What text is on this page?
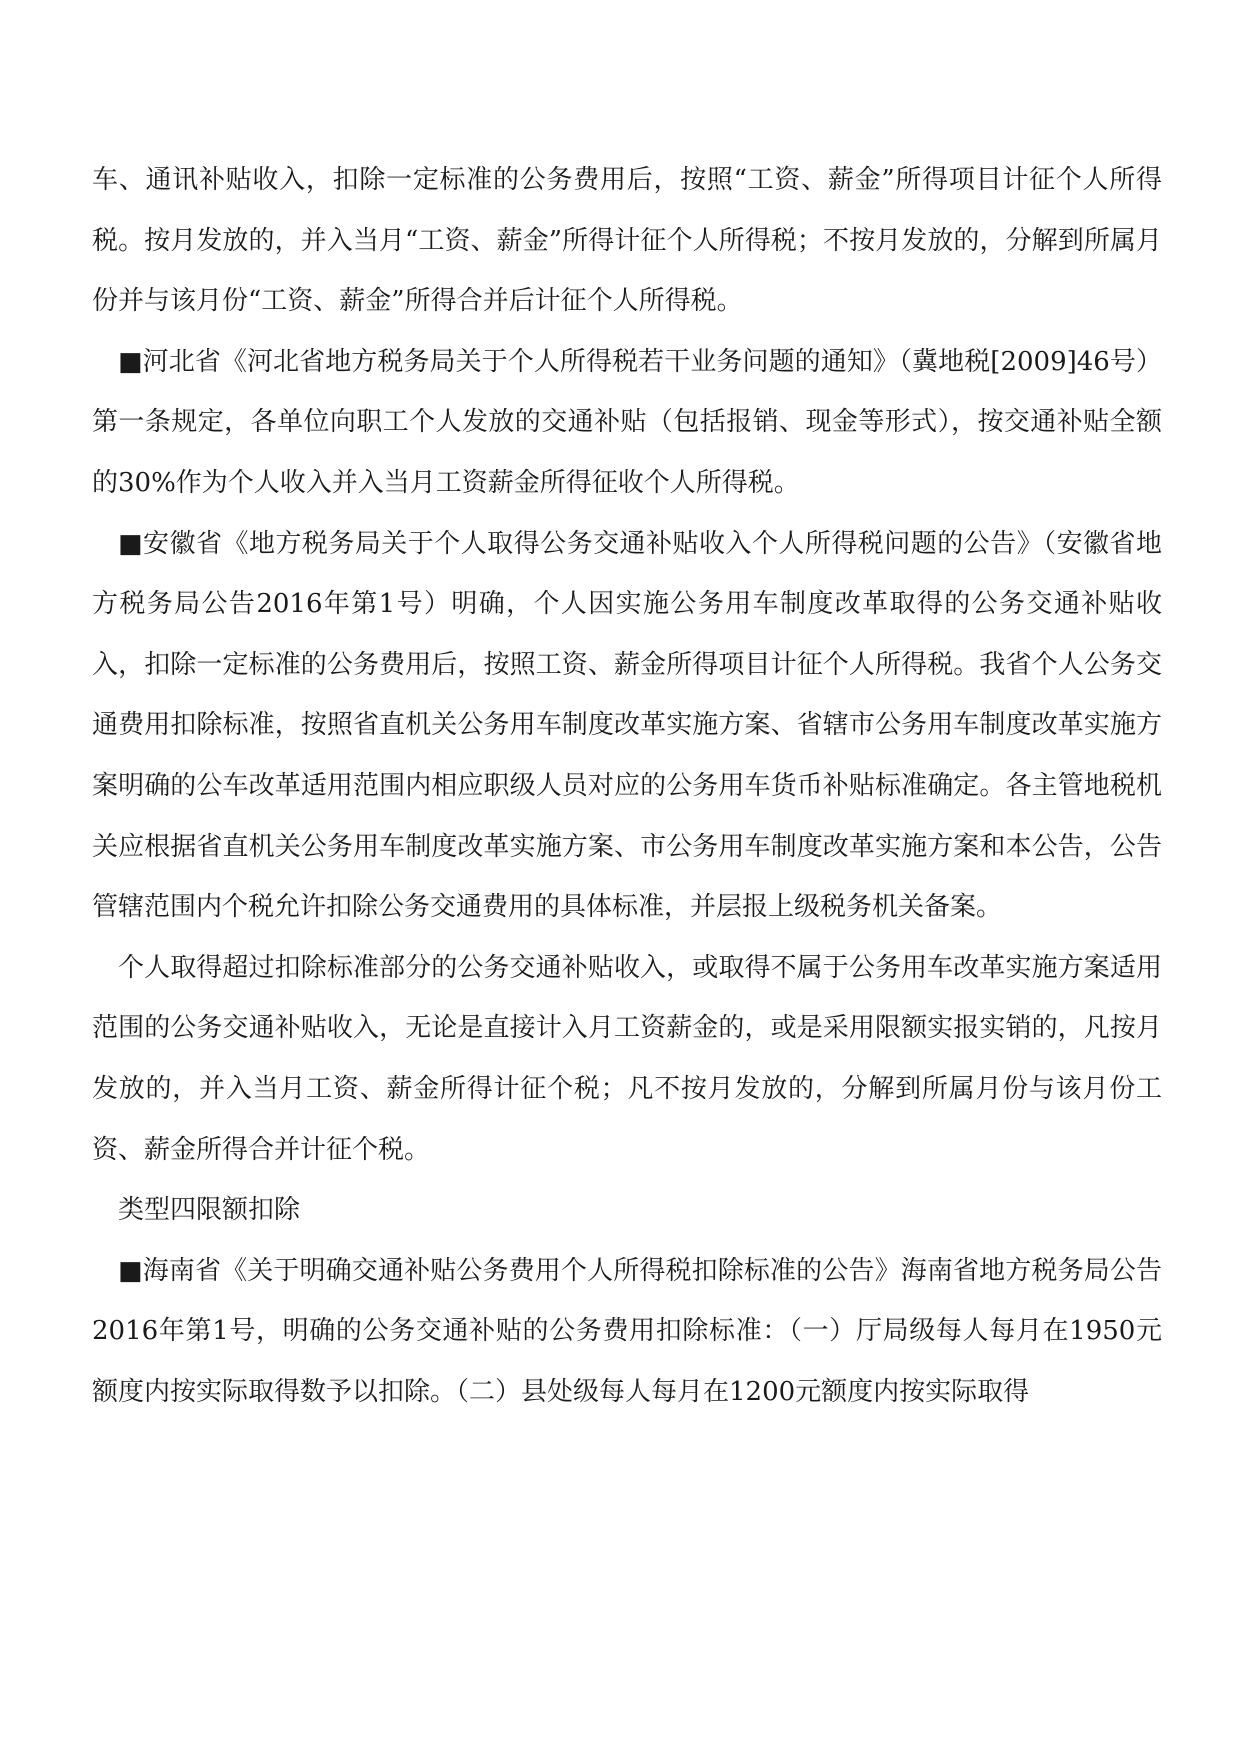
车、通讯补贴收入，扣除一定标准的公务费用后，按照“工资、薪金”所得项目计征个人所得税。按月发放的，并入当月“工资、薪金”所得计征个人所得税；不按月发放的，分解到所属月份并与该月份“工资、薪金”所得合并后计征个人所得税。

■河北省《河北省地方税务局关于个人所得税若干业务问题的通知》（冀地税[2009]46号）第一条规定，各单位向职工个人发放的交通补贴（包括报销、现金等形式），按交通补贴全额的30%作为个人收入并入当月工资薪金所得征收个人所得税。

■安徽省《地方税务局关于个人取得公务交通补贴收入个人所得税问题的公告》（安徽省地方税务局公告2016年第1号）明确，个人因实施公务用车制度改革取得的公务交通补贴收入，扣除一定标准的公务费用后，按照工资、薪金所得项目计征个人所得税。我省个人公务交通费用扣除标准，按照省直机关公务用车制度改革实施方案、省辖市公务用车制度改革实施方案明确的公车改革适用范围内相应职级人员对应的公务用车货币补贴标准确定。各主管地税机关应根据省直机关公务用车制度改革实施方案、市公务用车制度改革实施方案和本公告，公告管辖范围内个税允许扣除公务交通费用的具体标准，并层报上级税务机关备案。

个人取得超过扣除标准部分的公务交通补贴收入，或取得不属于公务用车改革实施方案适用范围的公务交通补贴收入，无论是直接计入月工资薪金的，或是采用限额实报实销的，凡按月发放的，并入当月工资、薪金所得计征个税；凡不按月发放的，分解到所属月份与该月份工资、薪金所得合并计征个税。

类型四限额扣除

■海南省《关于明确交通补贴公务费用个人所得税扣除标准的公告》海南省地方税务局公告2016年第1号，明确的公务交通补贴的公务费用扣除标准：（一）厅局级每人每月在1950元额度内按实际取得数予以扣除。（二）县处级每人每月在1200元额度内按实际取得
